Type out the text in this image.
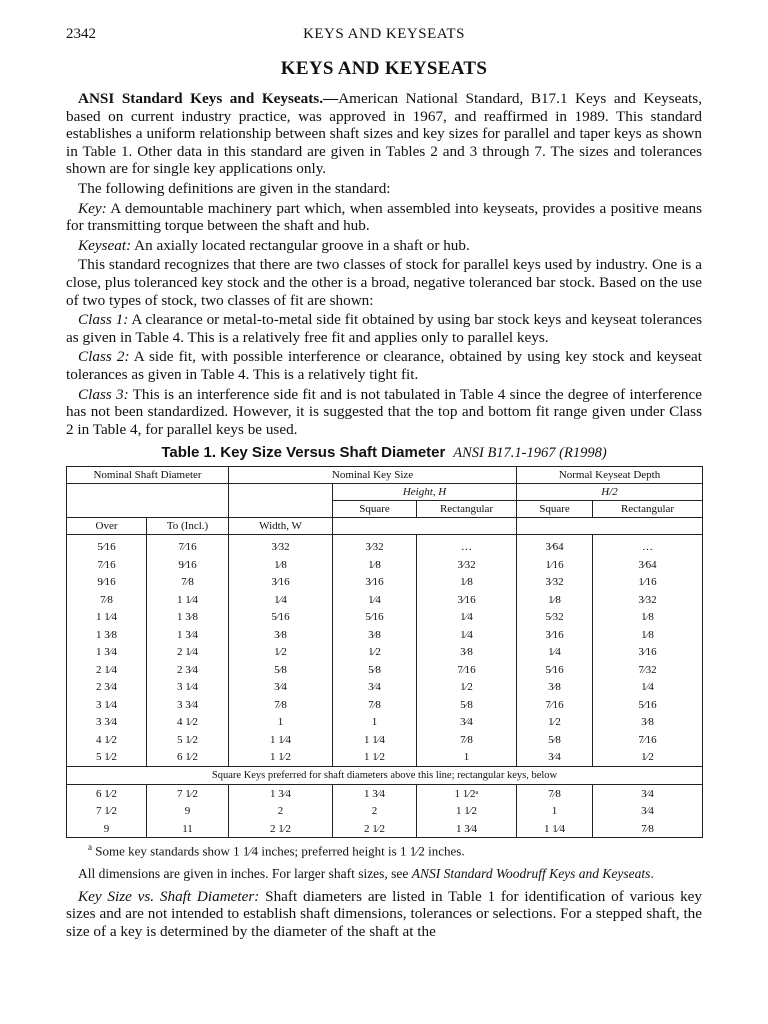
2342	KEYS AND KEYSEATS
KEYS AND KEYSEATS

ANSI Standard Keys and Keyseats.—American National Standard, B17.1 Keys and Keyseats, based on current industry practice, was approved in 1967, and reaffirmed in 1989. This standard establishes a uniform relationship between shaft sizes and key sizes for parallel and taper keys as shown in Table 1. Other data in this standard are given in Tables 2 and 3 through 7. The sizes and tolerances shown are for single key applications only.

The following definitions are given in the standard:

Key: A demountable machinery part which, when assembled into keyseats, provides a positive means for transmitting torque between the shaft and hub.

Keyseat: An axially located rectangular groove in a shaft or hub.

This standard recognizes that there are two classes of stock for parallel keys used by industry. One is a close, plus toleranced key stock and the other is a broad, negative toleranced bar stock. Based on the use of two types of stock, two classes of fit are shown:

Class 1: A clearance or metal-to-metal side fit obtained by using bar stock keys and keyseat tolerances as given in Table 4. This is a relatively free fit and applies only to parallel keys.

Class 2: A side fit, with possible interference or clearance, obtained by using key stock and keyseat tolerances as given in Table 4. This is a relatively tight fit.

Class 3: This is an interference side fit and is not tabulated in Table 4 since the degree of interference has not been standardized. However, it is suggested that the top and bottom fit range given under Class 2 in Table 4, for parallel keys be used.

Table 1. Key Size Versus Shaft Diameter ANSI B17.1-1967 (R1998)
Nominal Shaft Diameter		Nominal Key Size			Normal Keyseat Depth	
			Height, H		H/2	
			Square	Rectangular	Square	Rectangular
Over	To (Incl.)	Width, W				
5⁄16	7⁄16	3⁄32	3⁄32	…	3⁄64	…
7⁄16	9⁄16	1⁄8	1⁄8	3⁄32	1⁄16	3⁄64
9⁄16	7⁄8	3⁄16	3⁄16	1⁄8	3⁄32	1⁄16
7⁄8	1 1⁄4	1⁄4	1⁄4	3⁄16	1⁄8	3⁄32
1 1⁄4	1 3⁄8	5⁄16	5⁄16	1⁄4	5⁄32	1⁄8
1 3⁄8	1 3⁄4	3⁄8	3⁄8	1⁄4	3⁄16	1⁄8
1 3⁄4	2 1⁄4	1⁄2	1⁄2	3⁄8	1⁄4	3⁄16
2 1⁄4	2 3⁄4	5⁄8	5⁄8	7⁄16	5⁄16	7⁄32
2 3⁄4	3 1⁄4	3⁄4	3⁄4	1⁄2	3⁄8	1⁄4
3 1⁄4	3 3⁄4	7⁄8	7⁄8	5⁄8	7⁄16	5⁄16
3 3⁄4	4 1⁄2	1	1	3⁄4	1⁄2	3⁄8
4 1⁄2	5 1⁄2	1 1⁄4	1 1⁄4	7⁄8	5⁄8	7⁄16
5 1⁄2	6 1⁄2	1 1⁄2	1 1⁄2	1	3⁄4	1⁄2
Square Keys preferred for shaft diameters above this line; rectangular keys, below						
6 1⁄2	7 1⁄2	1 3⁄4	1 3⁄4	1 1⁄2ᵃ	7⁄8	3⁄4
7 1⁄2	9	2	2	1 1⁄2	1	3⁄4
9	11	2 1⁄2	2 1⁄2	1 3⁄4	1 1⁄4	7⁄8
$^a$ Some key standards show 1 1⁄4 inches; preferred height is 1 1⁄2 inches.

All dimensions are given in inches. For larger shaft sizes, see ANSI Standard Woodruff Keys and Keyseats.

Key Size vs. Shaft Diameter: Shaft diameters are listed in Table 1 for identification of various key sizes and are not intended to establish shaft dimensions, tolerances or selections. For a stepped shaft, the size of a key is determined by the diameter of the shaft at the
